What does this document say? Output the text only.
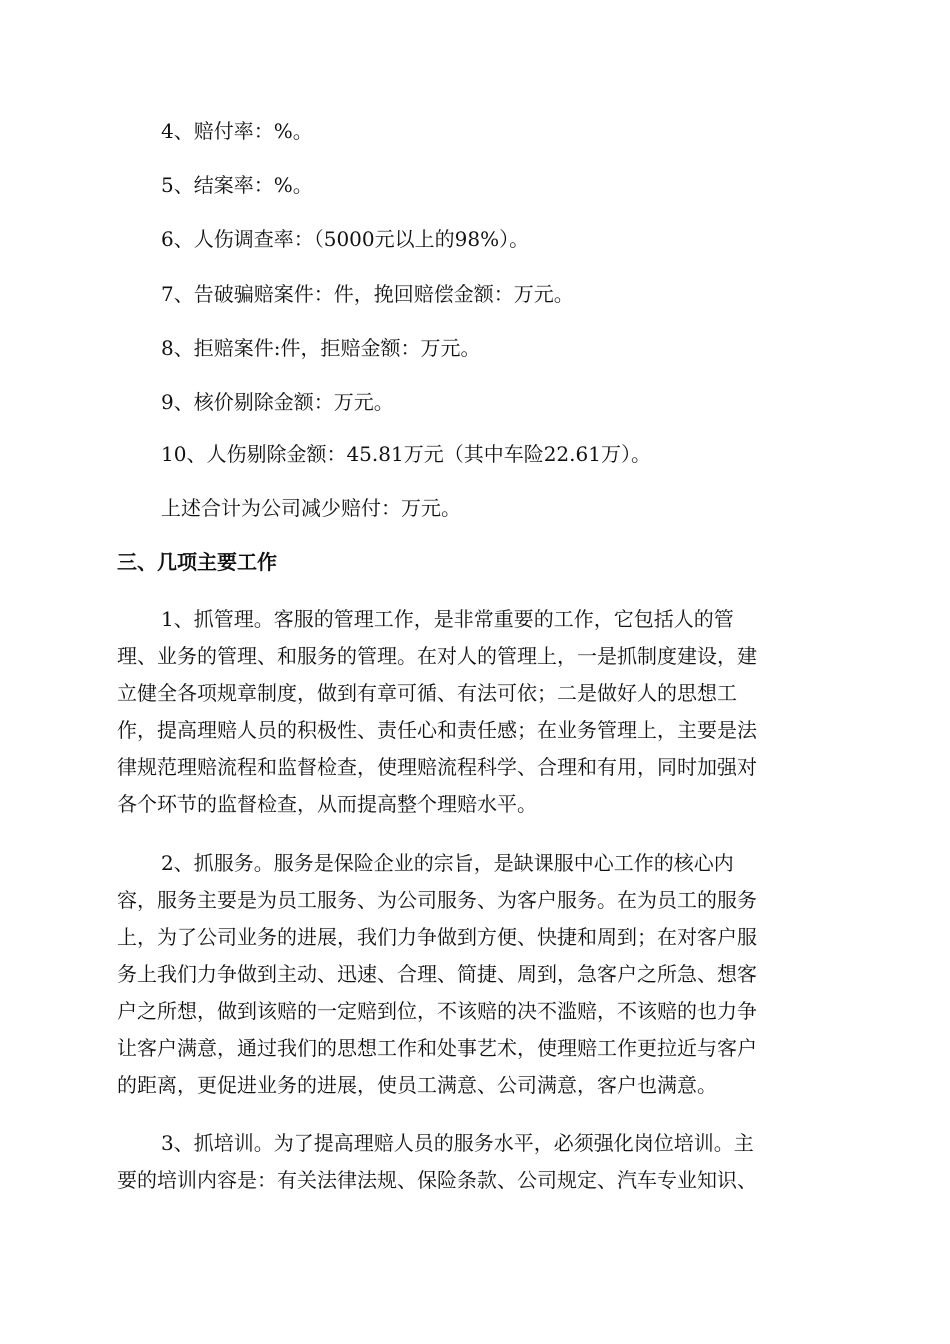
4、赔付率：%。
5、结案率：%。
6、人伤调查率：（5000元以上的98%）。
7、告破骗赔案件：件，挽回赔偿金额：万元。
8、拒赔案件:件，拒赔金额：万元。
9、核价剔除金额：万元。
10、人伤剔除金额：45.81万元（其中车险22.61万）。
上述合计为公司减少赔付：万元。
三、几项主要工作
1、抓管理。客服的管理工作，是非常重要的工作，它包括人的管
理、业务的管理、和服务的管理。在对人的管理上，一是抓制度建设，建
立健全各项规章制度，做到有章可循、有法可依；二是做好人的思想工
作，提高理赔人员的积极性、责任心和责任感；在业务管理上，主要是法
律规范理赔流程和监督检查，使理赔流程科学、合理和有用，同时加强对
各个环节的监督检查，从而提高整个理赔水平。
2、抓服务。服务是保险企业的宗旨，是缺课服中心工作的核心内
容，服务主要是为员工服务、为公司服务、为客户服务。在为员工的服务
上，为了公司业务的进展，我们力争做到方便、快捷和周到；在对客户服
务上我们力争做到主动、迅速、合理、简捷、周到，急客户之所急、想客
户之所想，做到该赔的一定赔到位，不该赔的决不滥赔，不该赔的也力争
让客户满意，通过我们的思想工作和处事艺术，使理赔工作更拉近与客户
的距离，更促进业务的进展，使员工满意、公司满意，客户也满意。
3、抓培训。为了提高理赔人员的服务水平，必须强化岗位培训。主
要的培训内容是：有关法律法规、保险条款、公司规定、汽车专业知识、
